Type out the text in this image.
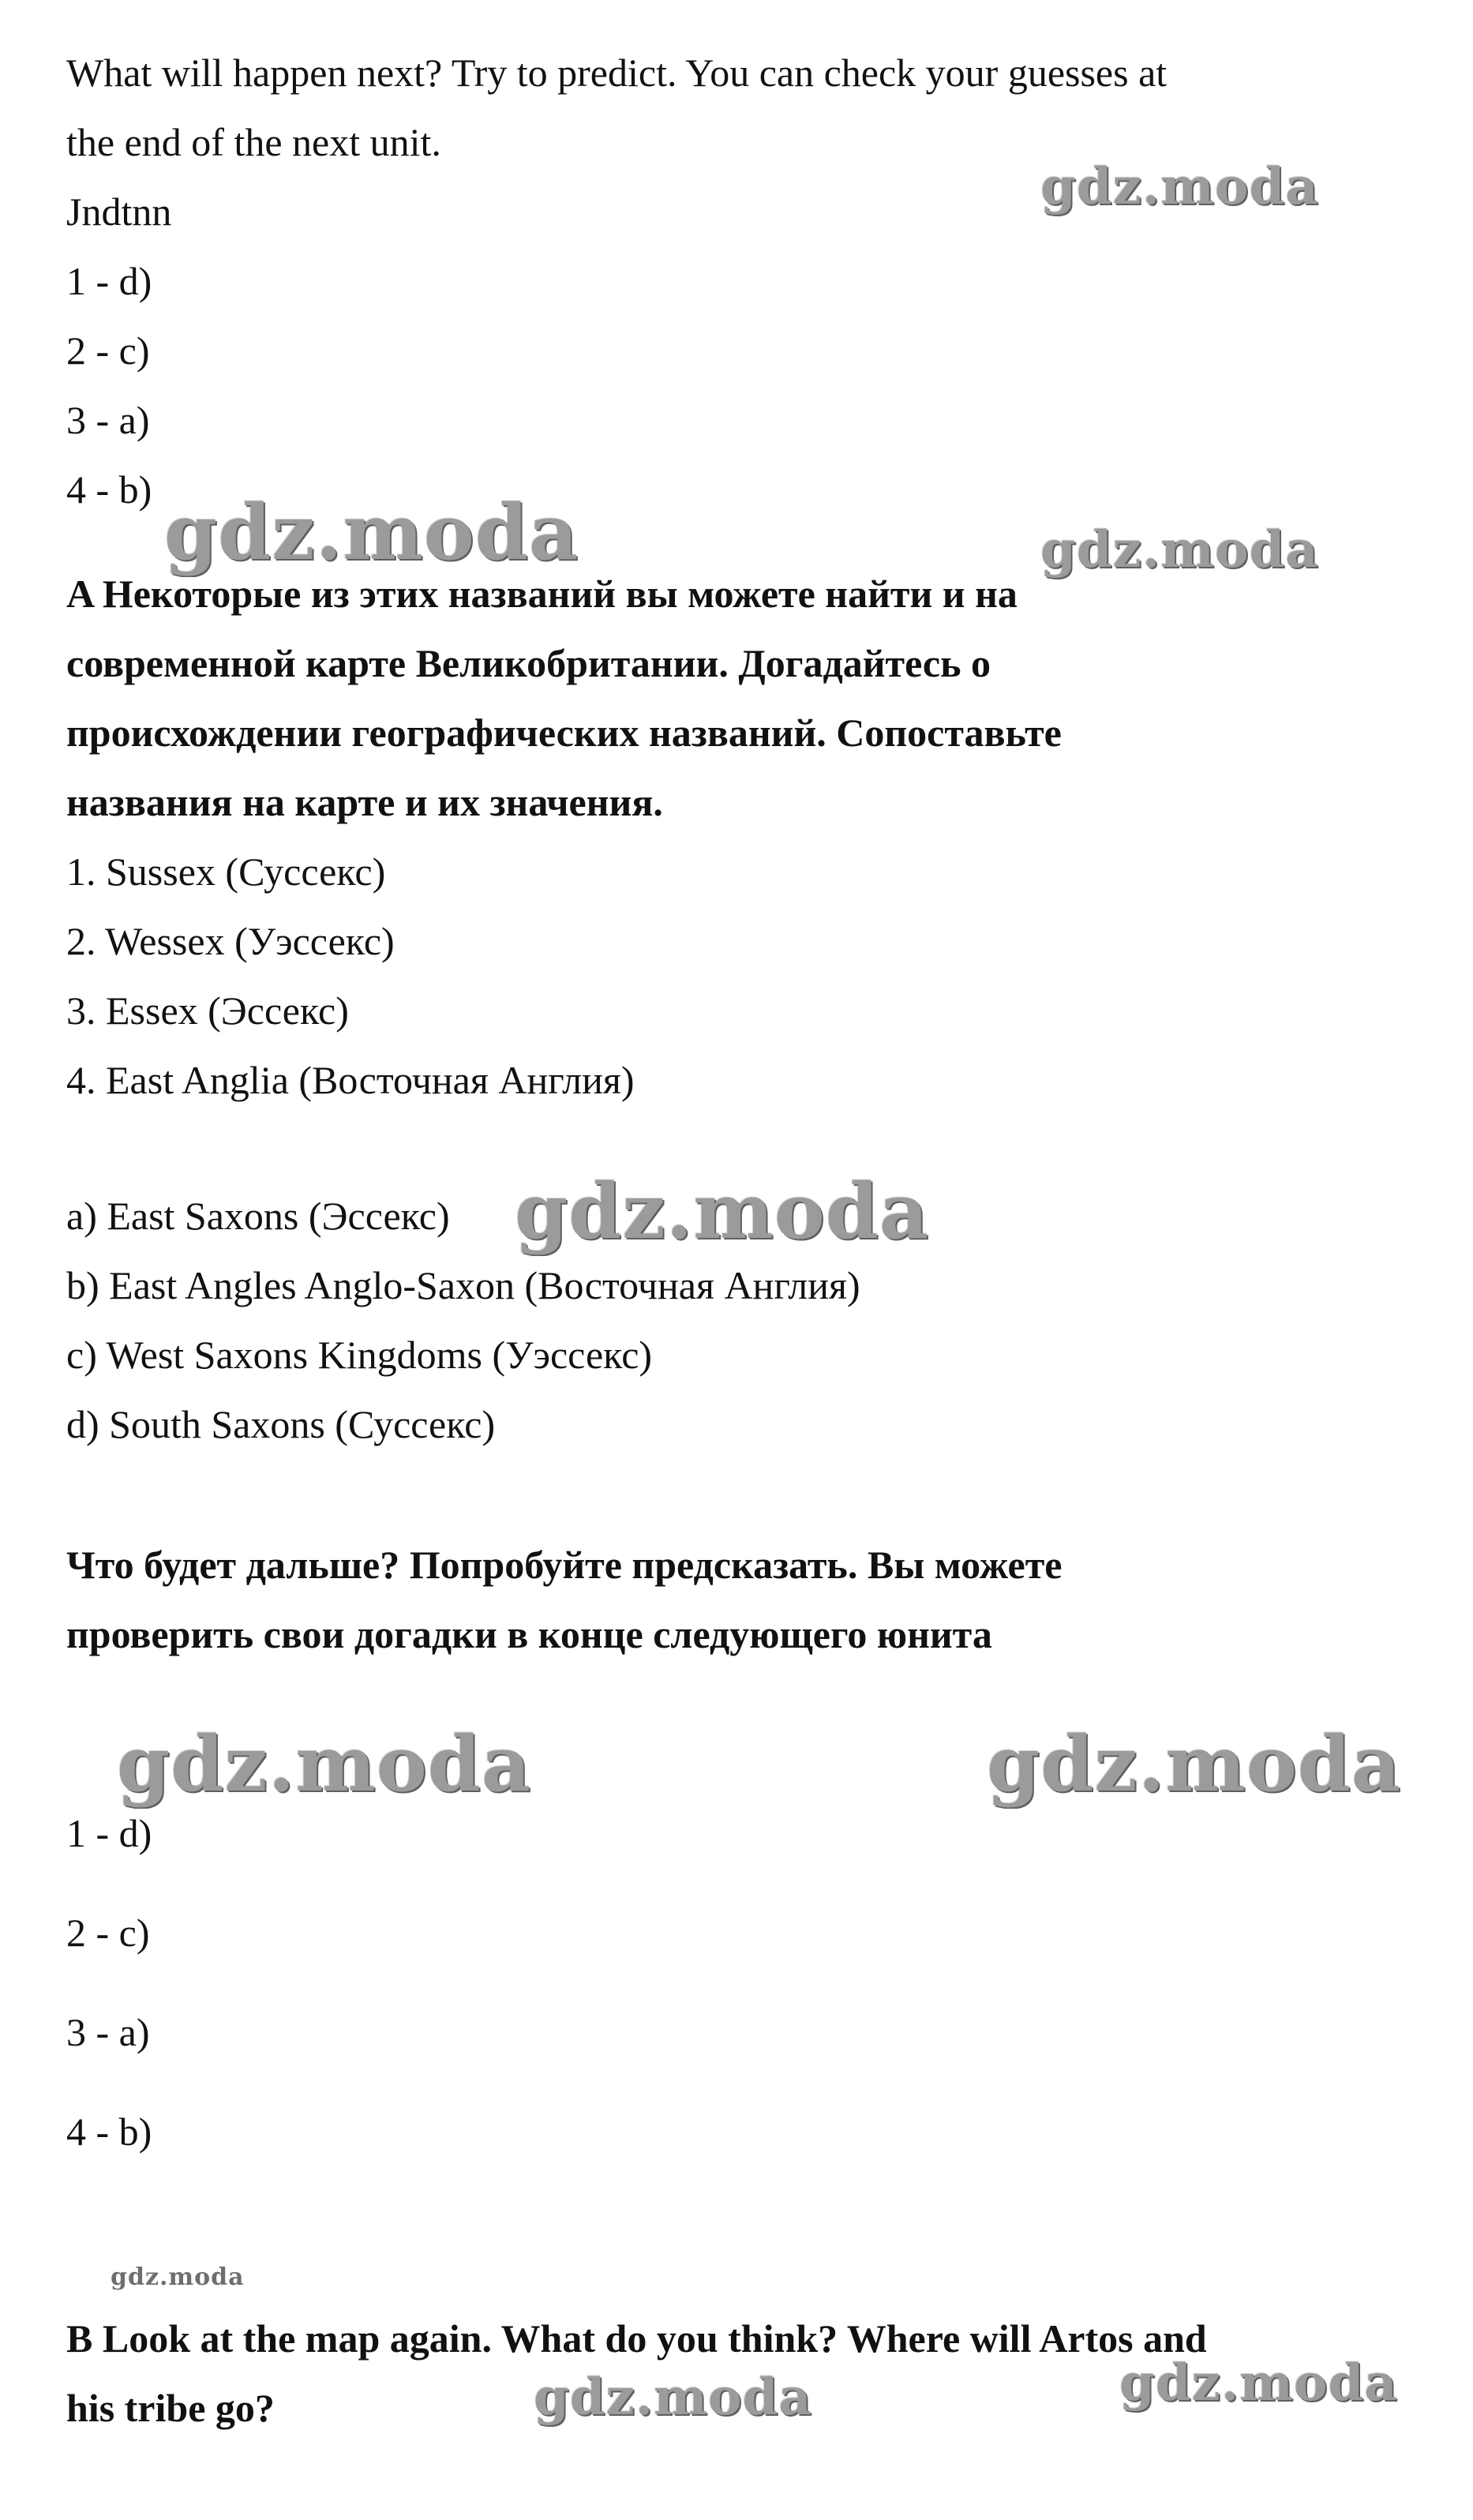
What will happen next? Try to predict. You can check your guesses at

the end of the next unit.

Jndtnn

1 - d)

2 - c)

3 - a)

4 - b)

A Некоторые из этих названий вы можете найти и на

современной карте Великобритании. Догадайтесь о

происхождении географических названий. Сопоставьте

названия на карте и их значения.

1. Sussex (Суссекс)

2. Wessex (Уэссекс)

3. Essex (Эссекс)

4. East Anglia (Восточная Англия)

a) East Saxons (Эссекс)

b) East Angles Anglo-Saxon (Восточная Англия)

c) West Saxons Kingdoms (Уэссекс)

d) South Saxons (Суссекс)

Что будет дальше? Попробуйте предсказать. Вы можете

проверить свои догадки в конце следующего юнита

1 - d)

2 - c)

3 - a)

4 - b)

B Look at the map again. What do you think? Where will Artos and

his tribe go?

gdz.moda
gdz.moda	gdz.moda
gdz.moda
gdz.moda	gdz.moda
gdz.moda
gdz.moda	gdz.moda
